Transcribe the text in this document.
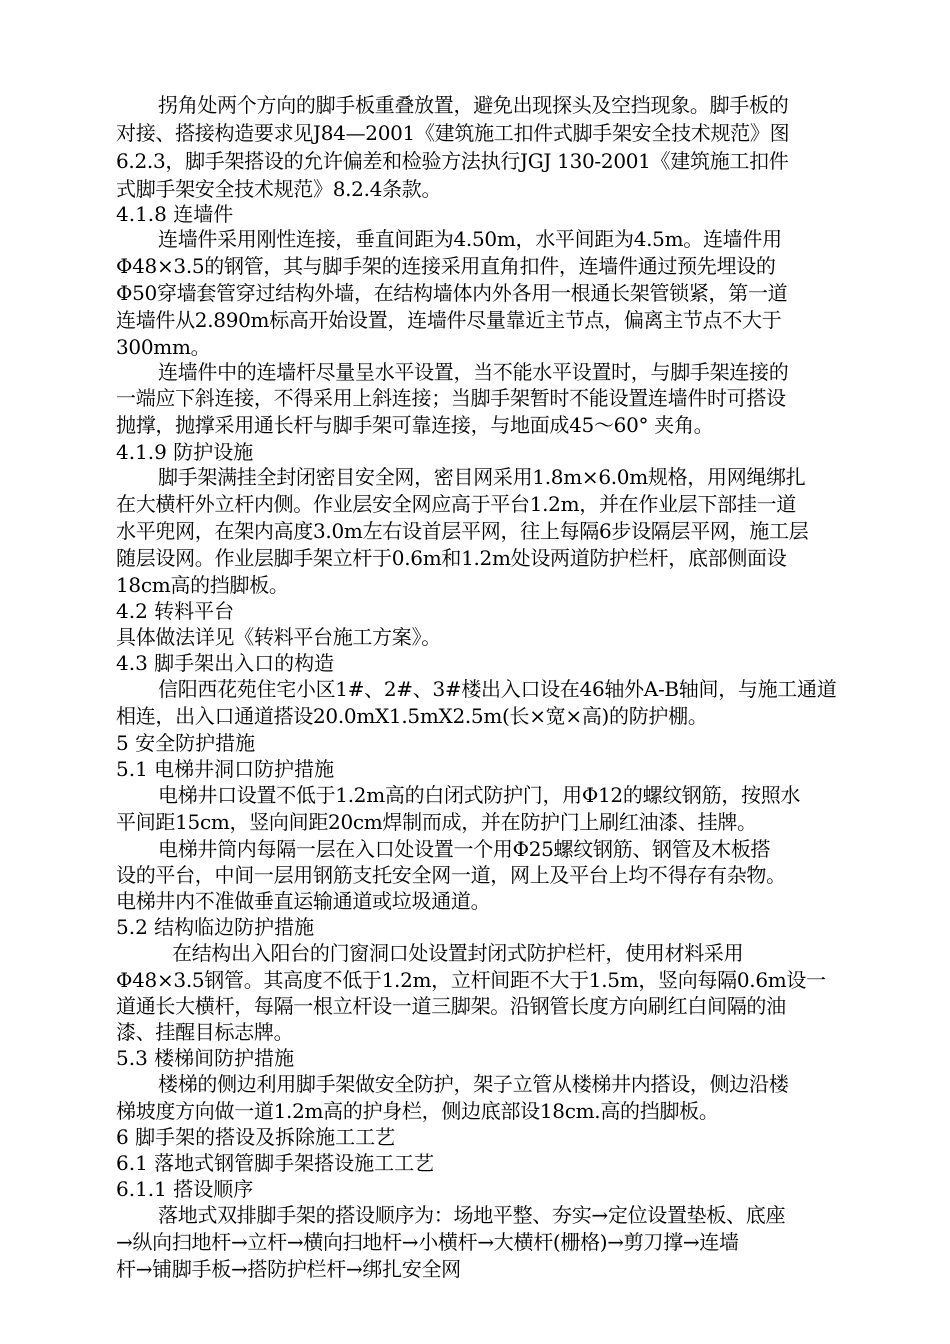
拐角处两个方向的脚手板重叠放置，避免出现探头及空挡现象。脚手板的
对接、搭接构造要求见J84—2001《建筑施工扣件式脚手架安全技术规范》图
6.2.3，脚手架搭设的允许偏差和检验方法执行JGJ 130-2001《建筑施工扣件
式脚手架安全技术规范》8.2.4条款。
4.1.8 连墙件
连墙件采用刚性连接，垂直间距为4.50m，水平间距为4.5m。连墙件用
Φ48×3.5的钢管，其与脚手架的连接采用直角扣件，连墙件通过预先埋设的
Φ50穿墙套管穿过结构外墙，在结构墙体内外各用一根通长架管锁紧，第一道
连墙件从2.890m标高开始设置，连墙件尽量靠近主节点，偏离主节点不大于
300mm。
连墙件中的连墙杆尽量呈水平设置，当不能水平设置时，与脚手架连接的
一端应下斜连接，不得采用上斜连接；当脚手架暂时不能设置连墙件时可搭设
抛撑，抛撑采用通长杆与脚手架可靠连接，与地面成45～60° 夹角。
4.1.9 防护设施
脚手架满挂全封闭密目安全网，密目网采用1.8m×6.0m规格，用网绳绑扎
在大横杆外立杆内侧。作业层安全网应高于平台1.2m，并在作业层下部挂一道
水平兜网，在架内高度3.0m左右设首层平网，往上每隔6步设隔层平网，施工层
随层设网。作业层脚手架立杆于0.6m和1.2m处设两道防护栏杆，底部侧面设
18cm高的挡脚板。
4.2 转料平台
具体做法详见《转料平台施工方案》。
4.3 脚手架出入口的构造
信阳西花苑住宅小区1#、2#、3#楼出入口设在46轴外A-B轴间，与施工通道
相连，出入口通道搭设20.0mX1.5mX2.5m(长×宽×高)的防护棚。
5 安全防护措施
5.1 电梯井洞口防护措施
电梯井口设置不低于1.2m高的白闭式防护门，用Φ12的螺纹钢筋，按照水
平间距15cm，竖向间距20cm焊制而成，并在防护门上刷红油漆、挂牌。
电梯井筒内每隔一层在入口处设置一个用Φ25螺纹钢筋、钢管及木板搭
设的平台，中间一层用钢筋支托安全网一道，网上及平台上均不得存有杂物。
电梯井内不准做垂直运输通道或垃圾通道。
5.2 结构临边防护措施
在结构出入阳台的门窗洞口处设置封闭式防护栏杆，使用材料采用
Φ48×3.5钢管。其高度不低于1.2m，立杆间距不大于1.5m，竖向每隔0.6m设一
道通长大横杆，每隔一根立杆设一道三脚架。沿钢管长度方向刷红白间隔的油
漆、挂醒目标志牌。
5.3 楼梯间防护措施
楼梯的侧边利用脚手架做安全防护，架子立管从楼梯井内搭设，侧边沿楼
梯坡度方向做一道1.2m高的护身栏，侧边底部设18cm.高的挡脚板。
6 脚手架的搭设及拆除施工工艺
6.1 落地式钢管脚手架搭设施工工艺
6.1.1 搭设顺序
落地式双排脚手架的搭设顺序为：场地平整、夯实→定位设置垫板、底座
→纵向扫地杆→立杆→横向扫地杆→小横杆→大横杆(栅格)→剪刀撑→连墙
杆→铺脚手板→搭防护栏杆→绑扎安全网
